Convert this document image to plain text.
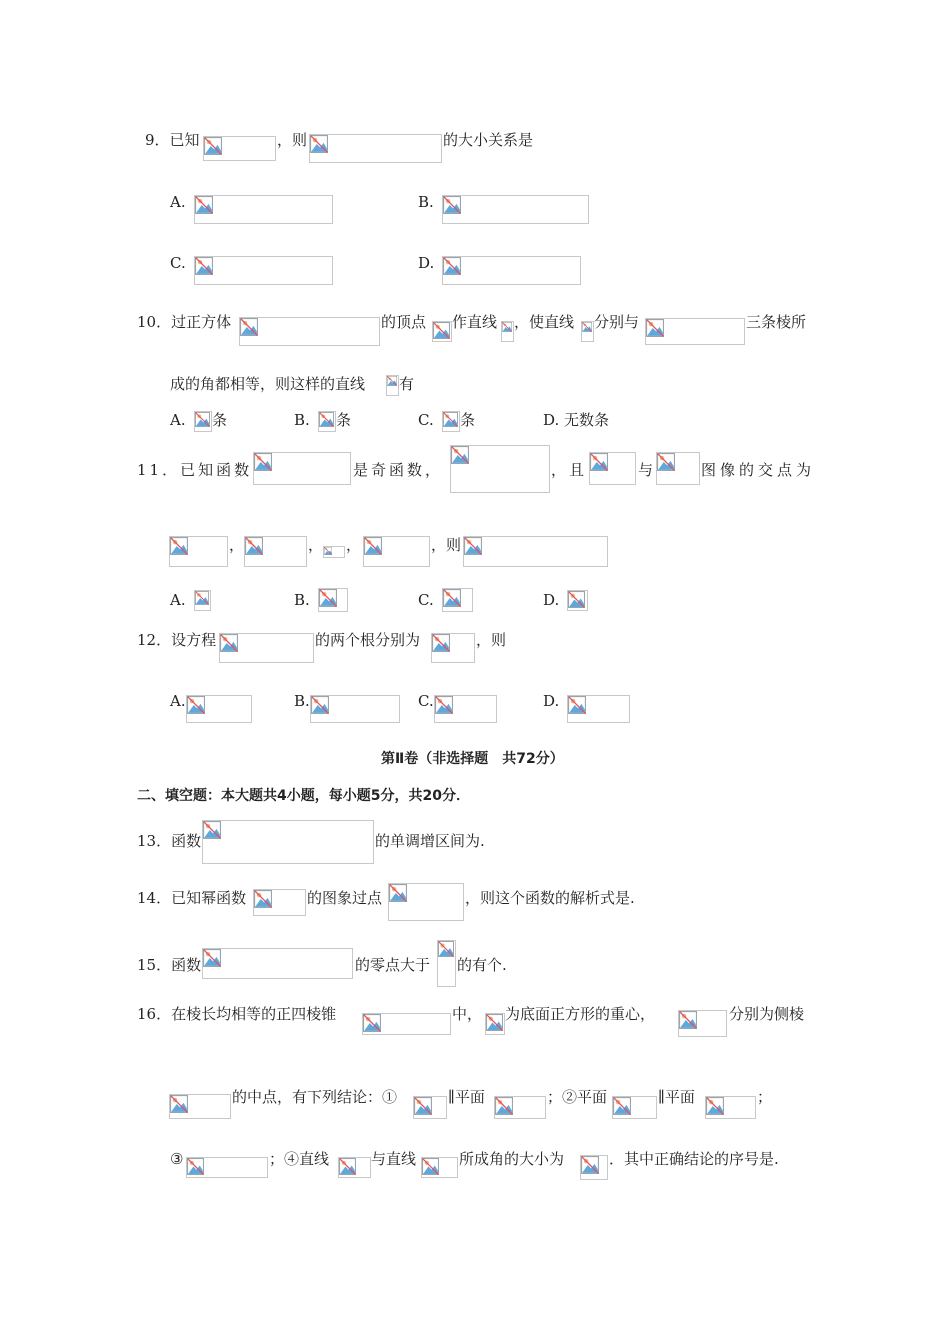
9．已知	，则	的大小关系是
A.	B.
C.	D.
10．过正方体	的顶点 作直线 ，使直线 分别与	三条棱所
成的角都相等，则这样的直线 有
A. 条	B. 条	C. 条	D. 无数条
11．已知函数	是奇函数，	，且	与	图像的交点为
，	， ，	，则
A.	B.	C.	D.
12．设方程	的两个根分别为	，则
A.	B.	C.	D.
第Ⅱ卷（非选择题　共72分）
二、填空题：本大题共4小题，每小题5分，共20分．
13．函数	的单调增区间为.
14．已知幂函数	的图象过点	，则这个函数的解析式是.
15．函数	的零点大于 的有个.
16．在棱长均相等的正四棱锥	中， 为底面正方形的重心，	分别为侧棱
的中点，有下列结论：①	∥平面	；②平面	∥平面	；
③	；④直线	与直线	所成角的大小为	．其中正确结论的序号是.
